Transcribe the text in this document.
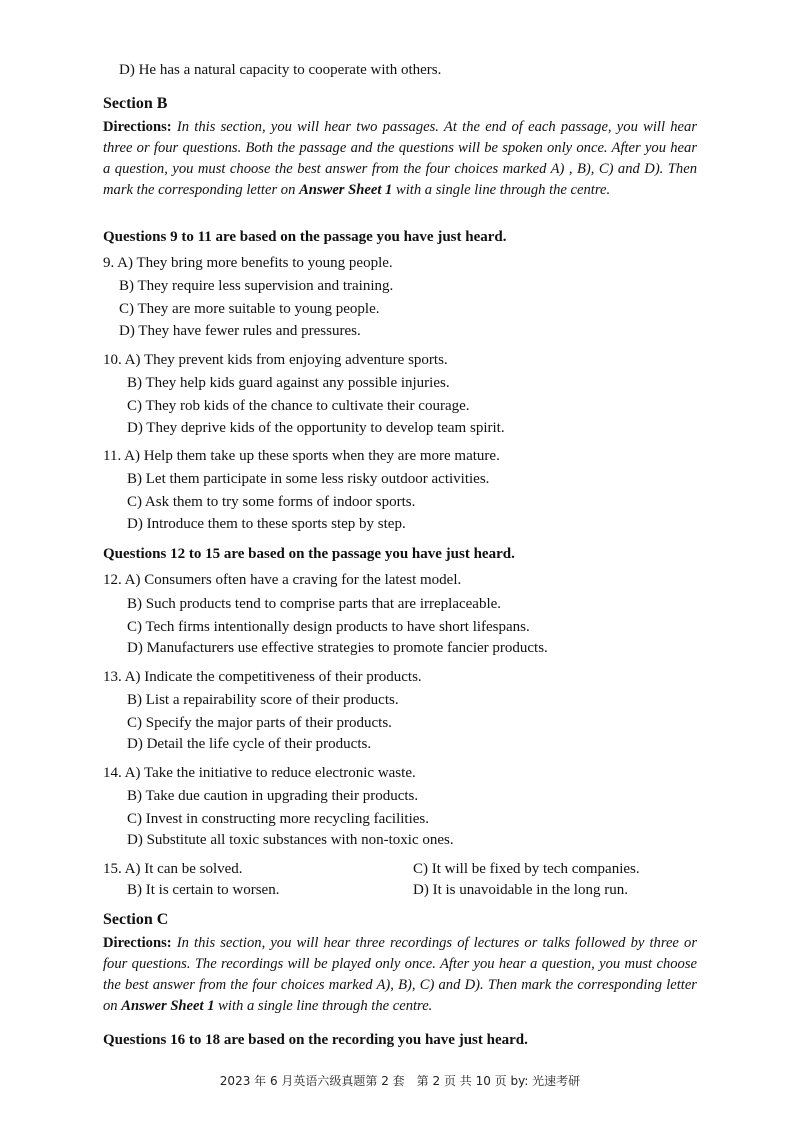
D) He has a natural capacity to cooperate with others.
Section B
Directions: In this section, you will hear two passages. At the end of each passage, you will hear three or four questions. Both the passage and the questions will be spoken only once. After you hear a question, you must choose the best answer from the four choices marked A) , B), C) and D). Then mark the corresponding letter on Answer Sheet 1 with a single line through the centre.
Questions 9 to 11 are based on the passage you have just heard.
9. A) They bring more benefits to young people.
B) They require less supervision and training.
C) They are more suitable to young people.
D) They have fewer rules and pressures.
10. A) They prevent kids from enjoying adventure sports.
B) They help kids guard against any possible injuries.
C) They rob kids of the chance to cultivate their courage.
D) They deprive kids of the opportunity to develop team spirit.
11. A) Help them take up these sports when they are more mature.
B) Let them participate in some less risky outdoor activities.
C) Ask them to try some forms of indoor sports.
D) Introduce them to these sports step by step.
Questions 12 to 15 are based on the passage you have just heard.
12. A) Consumers often have a craving for the latest model.
B) Such products tend to comprise parts that are irreplaceable.
C) Tech firms intentionally design products to have short lifespans.
D) Manufacturers use effective strategies to promote fancier products.
13. A) Indicate the competitiveness of their products.
B) List a repairability score of their products.
C) Specify the major parts of their products.
D) Detail the life cycle of their products.
14. A) Take the initiative to reduce electronic waste.
B) Take due caution in upgrading their products.
C) Invest in constructing more recycling facilities.
D) Substitute all toxic substances with non-toxic ones.
15. A) It can be solved.	C) It will be fixed by tech companies.
B) It is certain to worsen.	D) It is unavoidable in the long run.
Section C
Directions: In this section, you will hear three recordings of lectures or talks followed by three or four questions. The recordings will be played only once. After you hear a question, you must choose the best answer from the four choices marked A), B), C) and D). Then mark the corresponding letter on Answer Sheet 1 with a single line through the centre.
Questions 16 to 18 are based on the recording you have just heard.
2023 年 6 月英语六级真题第 2 套　第 2 页 共 10 页 by: 光速考研
